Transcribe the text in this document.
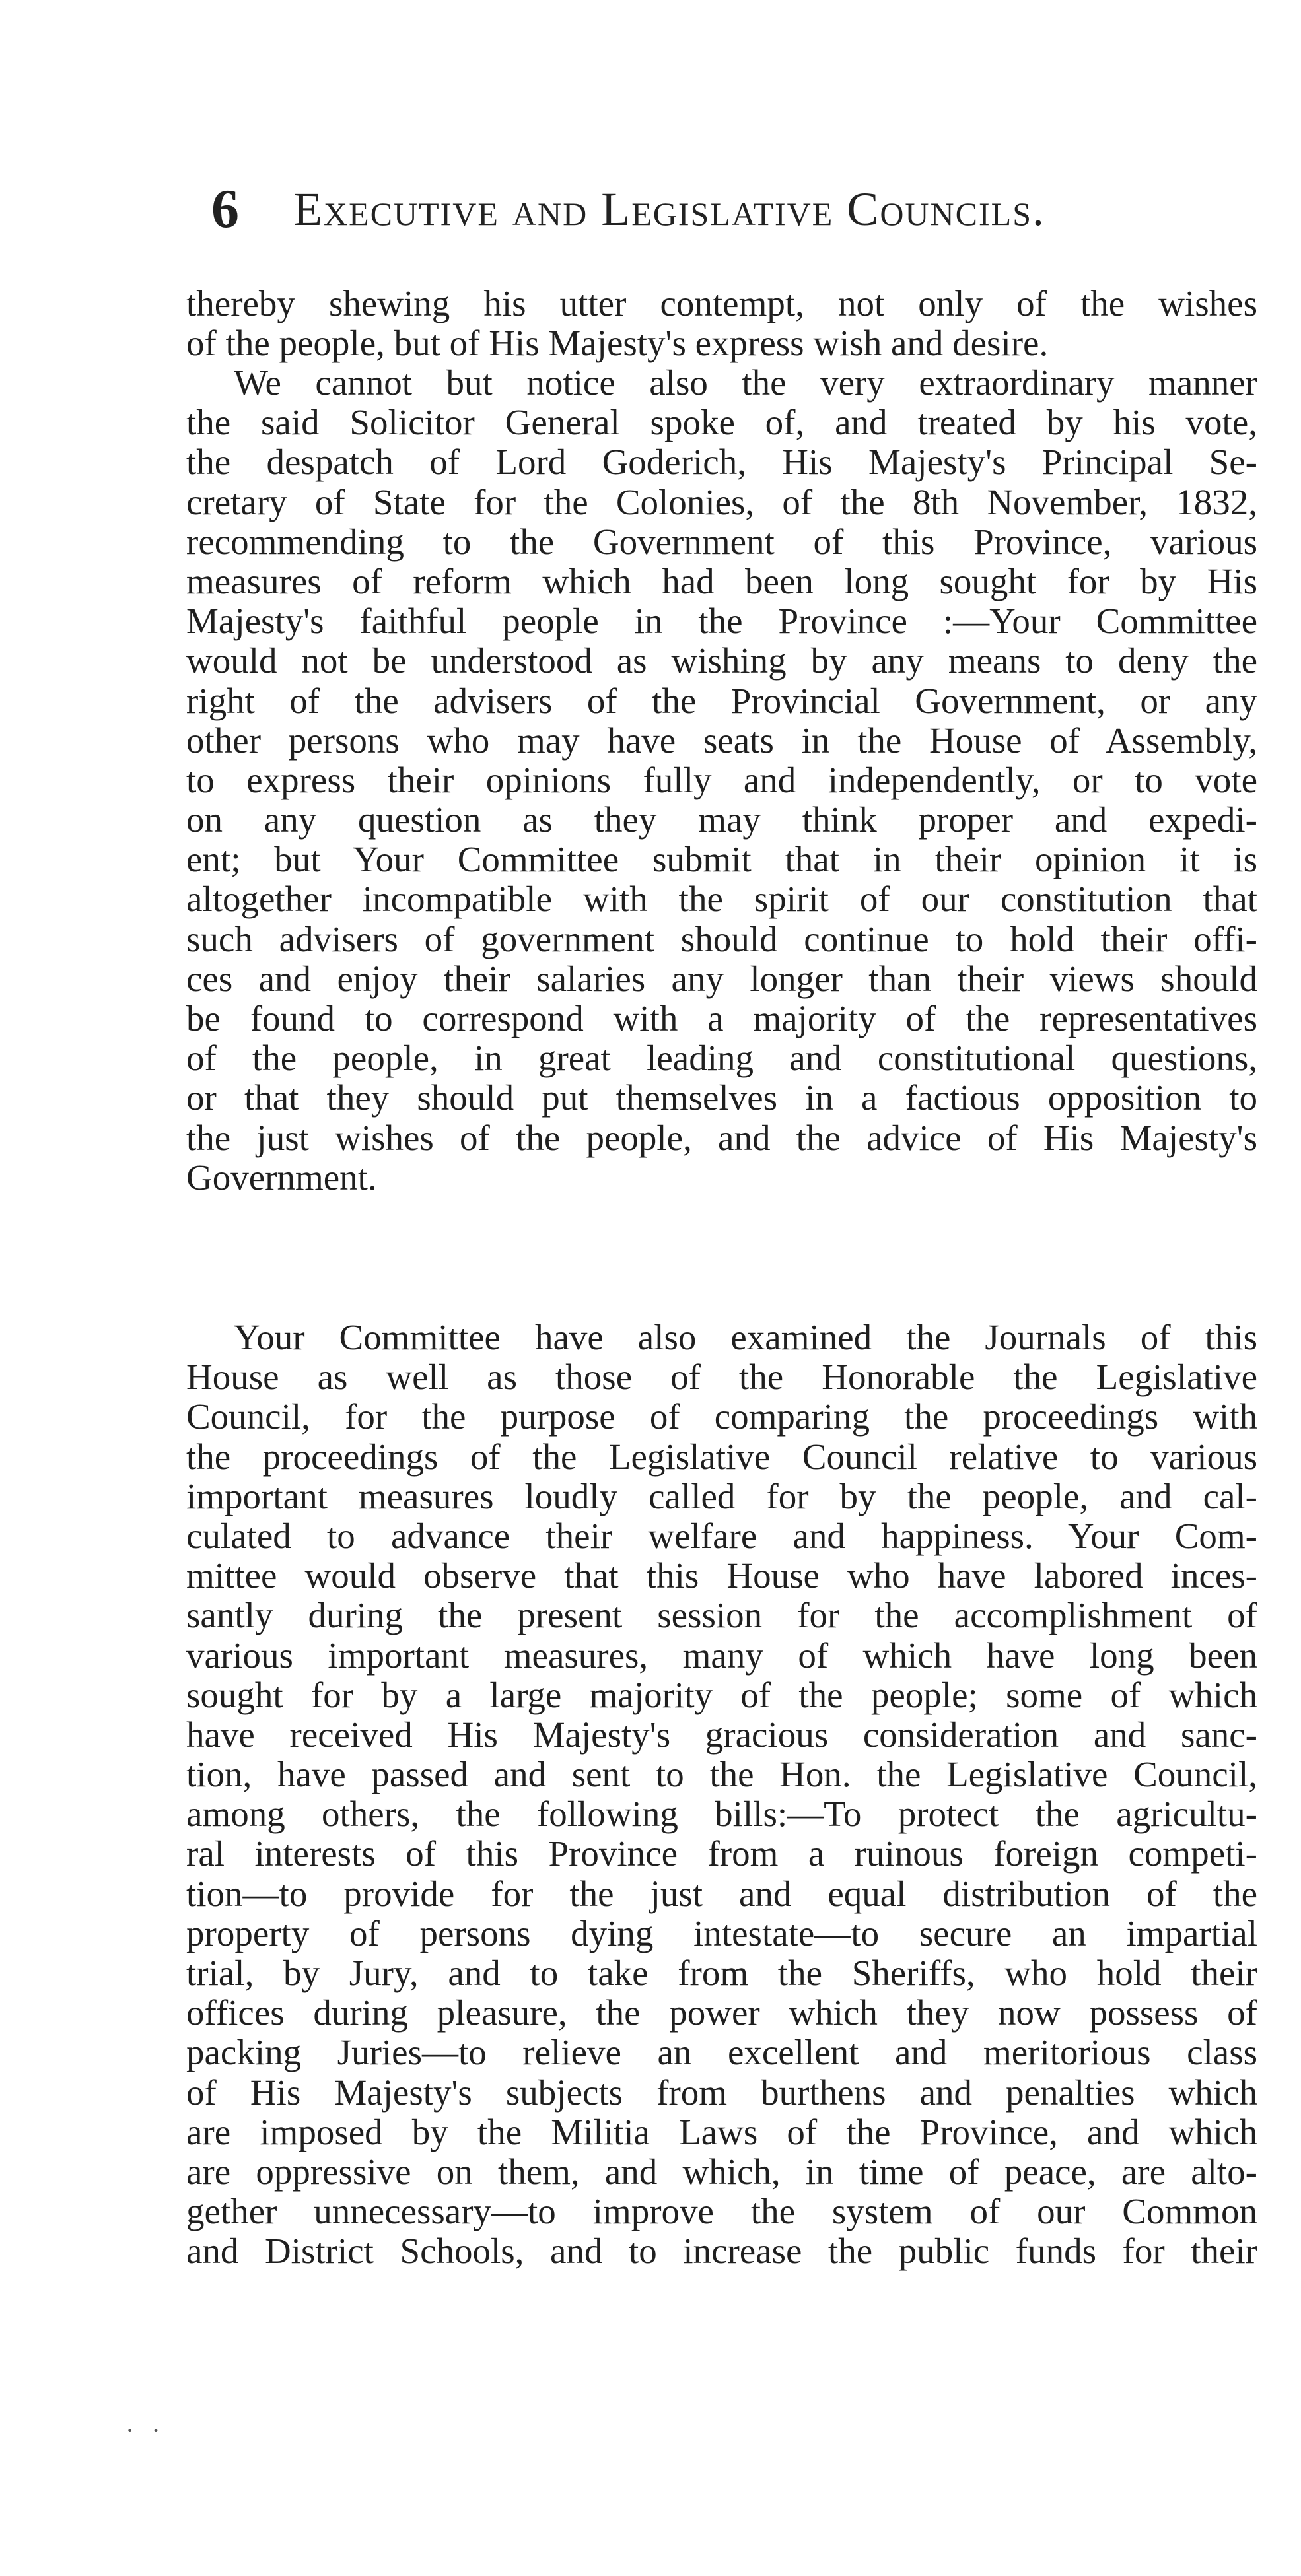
6 Executive and Legislative Councils.
thereby shewing his utter contempt, not only of the wishes
of the people, but of His Majesty's express wish and desire.
We cannot but notice also the very extraordinary manner
the said Solicitor General spoke of, and treated by his vote,
the despatch of Lord Goderich, His Majesty's Principal Se-
cretary of State for the Colonies, of the 8th November, 1832,
recommending to the Government of this Province, various
measures of reform which had been long sought for by His
Majesty's faithful people in the Province :—Your Committee
would not be understood as wishing by any means to deny the
right of the advisers of the Provincial Government, or any
other persons who may have seats in the House of Assembly,
to express their opinions fully and independently, or to vote
on any question as they may think proper and expedi-
ent; but Your Committee submit that in their opinion it is
altogether incompatible with the spirit of our constitution that
such advisers of government should continue to hold their offi-
ces and enjoy their salaries any longer than their views should
be found to correspond with a majority of the representatives
of the people, in great leading and constitutional questions,
or that they should put themselves in a factious opposition to
the just wishes of the people, and the advice of His Majesty's
Government.
Your Committee have also examined the Journals of this
House as well as those of the Honorable the Legislative
Council, for the purpose of comparing the proceedings with
the proceedings of the Legislative Council relative to various
important measures loudly called for by the people, and cal-
culated to advance their welfare and happiness. Your Com-
mittee would observe that this House who have labored inces-
santly during the present session for the accomplishment of
various important measures, many of which have long been
sought for by a large majority of the people; some of which
have received His Majesty's gracious consideration and sanc-
tion, have passed and sent to the Hon. the Legislative Council,
among others, the following bills:—To protect the agricultu-
ral interests of this Province from a ruinous foreign competi-
tion—to provide for the just and equal distribution of the
property of persons dying intestate—to secure an impartial
trial, by Jury, and to take from the Sheriffs, who hold their
offices during pleasure, the power which they now possess of
packing Juries—to relieve an excellent and meritorious class
of His Majesty's subjects from burthens and penalties which
are imposed by the Militia Laws of the Province, and which
are oppressive on them, and which, in time of peace, are alto-
gether unnecessary—to improve the system of our Common
and District Schools, and to increase the public funds for their
· ·
